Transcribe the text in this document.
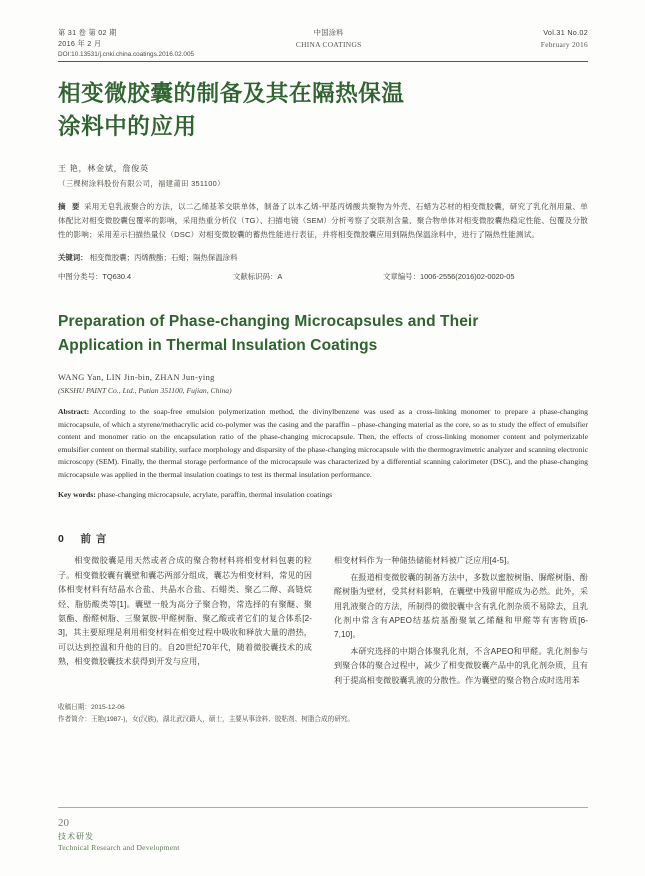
第 31 卷 第 02 期
2016 年 2 月
中国涂料
CHINA COATINGS
Vol.31 No.02
February 2016
DOI:10.13531/j.cnki.china.coatings.2016.02.005
相变微胶囊的制备及其在隔热保温
涂料中的应用
王 艳，林金斌，詹俊英
（三棵树涂料股份有限公司，福建莆田 351100）
摘 要 采用无皂乳液聚合的方法，以二乙烯基苯交联单体，制备了以本乙烯-甲基丙烯酸共聚物为外壳、石蜡为芯材的相变微胶囊，研究了乳化剂用量、单体配比对相变微胶囊包覆率的影响，采用热重分析仪（TG）、扫描电镜（SEM）分析考察了交联剂含量、聚合物单体对相变微胶囊热稳定性能、包覆及分散性的影响；采用差示扫描热量仪（DSC）对相变微胶囊的蓄热性能进行表征，并将相变微胶囊应用到隔热保温涂料中，进行了隔热性能测试。
关键词： 相变微胶囊；丙烯酸酯；石蜡；隔热保温涂料
中图分类号：TQ630.4	文献标识码：A	文章编号：1006-2556(2016)02-0020-05
Preparation of Phase-changing Microcapsules and Their
Application in Thermal Insulation Coatings
WANG Yan, LIN Jin-bin, ZHAN Jun-ying
(SKSHU PAINT Co., Ltd., Putian 351100, Fujian, China)
Abstract: According to the soap-free emulsion polymerization method, the divinylbenzene was used as a cross-linking monomer to prepare a phase-changing microcapsule, of which a styrene/methacrylic acid co-polymer was the casing and the paraffin – phase-changing material as the core, so as to study the effect of emulsifier content and monomer ratio on the encapsulation ratio of the phase-changing microcapsule. Then, the effects of cross-linking monomer content and polymerizable emulsifier content on thermal stability, surface morphology and disparsity of the phase-changing microcapsule with the thermogravimetric analyzer and scanning electronic microscopy (SEM). Finally, the thermal storage performance of the microcapsule was characterized by a differential scanning calorimeter (DSC), and the phase-changing microcapsule was applied in the thermal insulation coatings to test its thermal insulation performance.
Key words: phase-changing microcapsule, acrylate, paraffin, thermal insulation coatings
0 前 言

相变微胶囊是用天然或者合成的聚合物材料将相变材料包裹的粒子。相变微胶囊有囊壁和囊芯两部分组成，囊芯为相变材料，常见的因体相变材料有结晶水合盐、共晶水合盐、石蜡类、聚乙二醇、高链烷烃、脂肪酸类等[1]。囊壁一般为高分子聚合物，常选择的有聚醚、聚氨酯、酚醛树脂、三聚氰胺-甲醛树脂、聚乙酸或者它们的复合体系[2-3]，其主要原理是利用相变材料在相变过程中吸收和释放大量的潜热，可以达到控温和升他的目的。自20世纪70年代，随着微胶囊技术的成熟，相变微胶囊技术获得到开发与应用，

相变材料作为一种储热储能材料被广泛应用[4-5]。

在报道相变微胶囊的制备方法中，多数以蜜胺树脂、脲醛树脂、酚醛树脂为壁材，受其材料影响，在囊壁中残留甲醛成为必然。此外，采用乳液聚合的方法，所制得的微胶囊中含有乳化剂杂质不易除去，且乳化剂中常含有APEO结基烷基酚聚氧乙烯醚和甲醛等有害物质[6-7,10]。

本研究选择的中期合体聚乳化剂，不含APEO和甲醛。乳化剂参与到聚合体的聚合过程中，减少了相变微胶囊产品中的乳化剂杂质，且有利于提高相变微胶囊乳液的分散性。作为囊壁的聚合物合成时选用苯

收稿日期：2015-12-06
作者简介：王艳(1987-)，女(汉族)，湖北武汉籍人，硕士，主要从事涂料、胶粘剂、树脂合成的研究。
20
技术研发
Technical Research and Development
